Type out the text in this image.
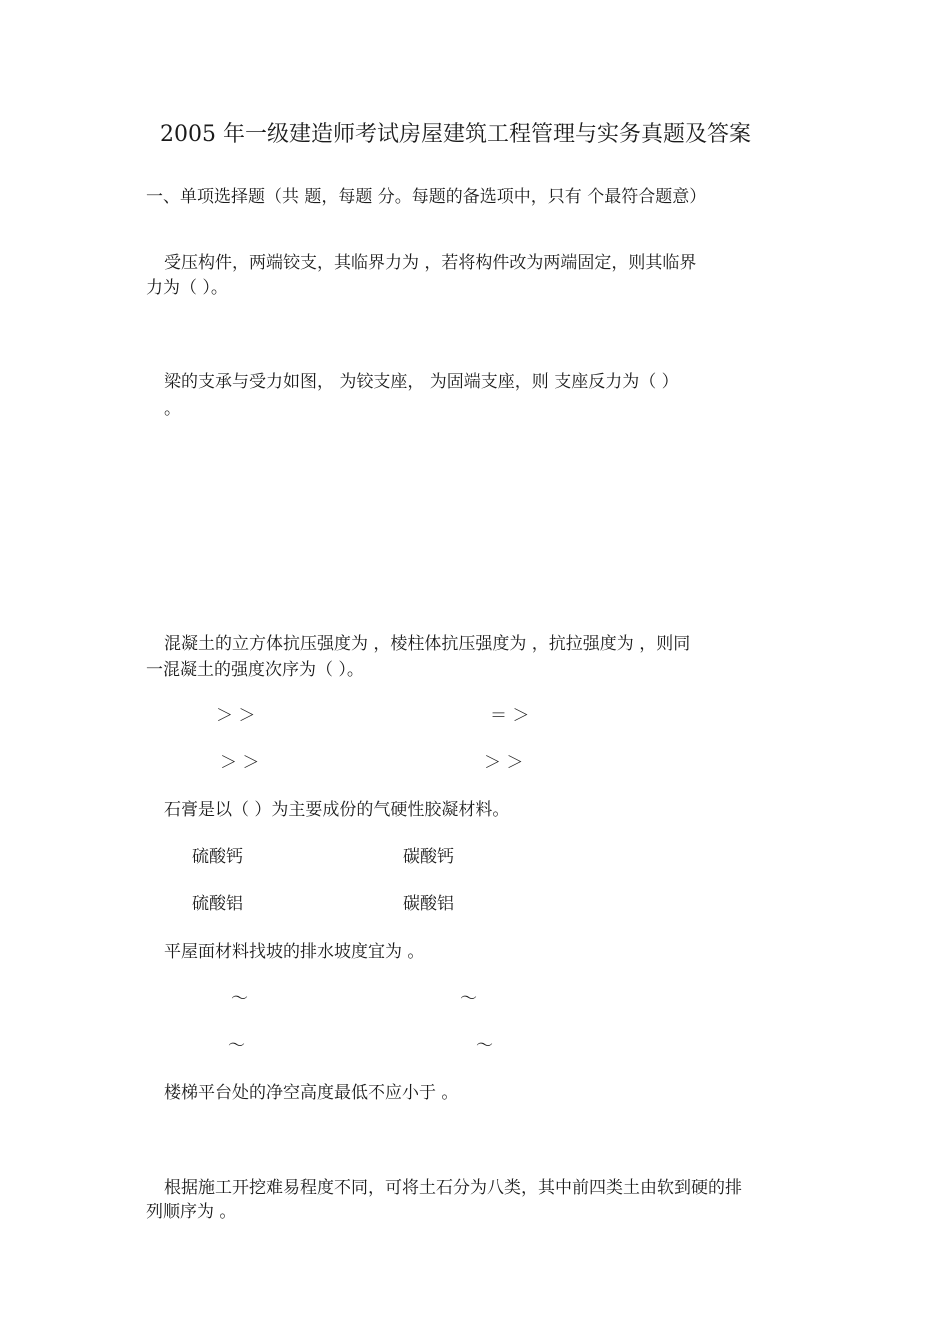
2005 年一级建造师考试房屋建筑工程管理与实务真题及答案
一、单项选择题（共 题，每题 分。每题的备选项中，只有 个最符合题意）
受压构件，两端铰支，其临界力为 ，若将构件改为两端固定，则其临界
力为（ ）。
梁的支承与受力如图， 为铰支座， 为固端支座，则 支座反力为（ ）
。
混凝土的立方体抗压强度为 ，棱柱体抗压强度为 ，抗拉强度为 ，则同
一混凝土的强度次序为（ ）。
＞ ＞	＝ ＞
＞ ＞	＞ ＞
石膏是以（ ）为主要成份的气硬性胶凝材料。
硫酸钙	碳酸钙
硫酸铝	碳酸铝
平屋面材料找坡的排水坡度宜为 。
～	～
～	～
楼梯平台处的净空高度最低不应小于 。
根据施工开挖难易程度不同，可将土石分为八类，其中前四类土由软到硬的排
列顺序为 。
